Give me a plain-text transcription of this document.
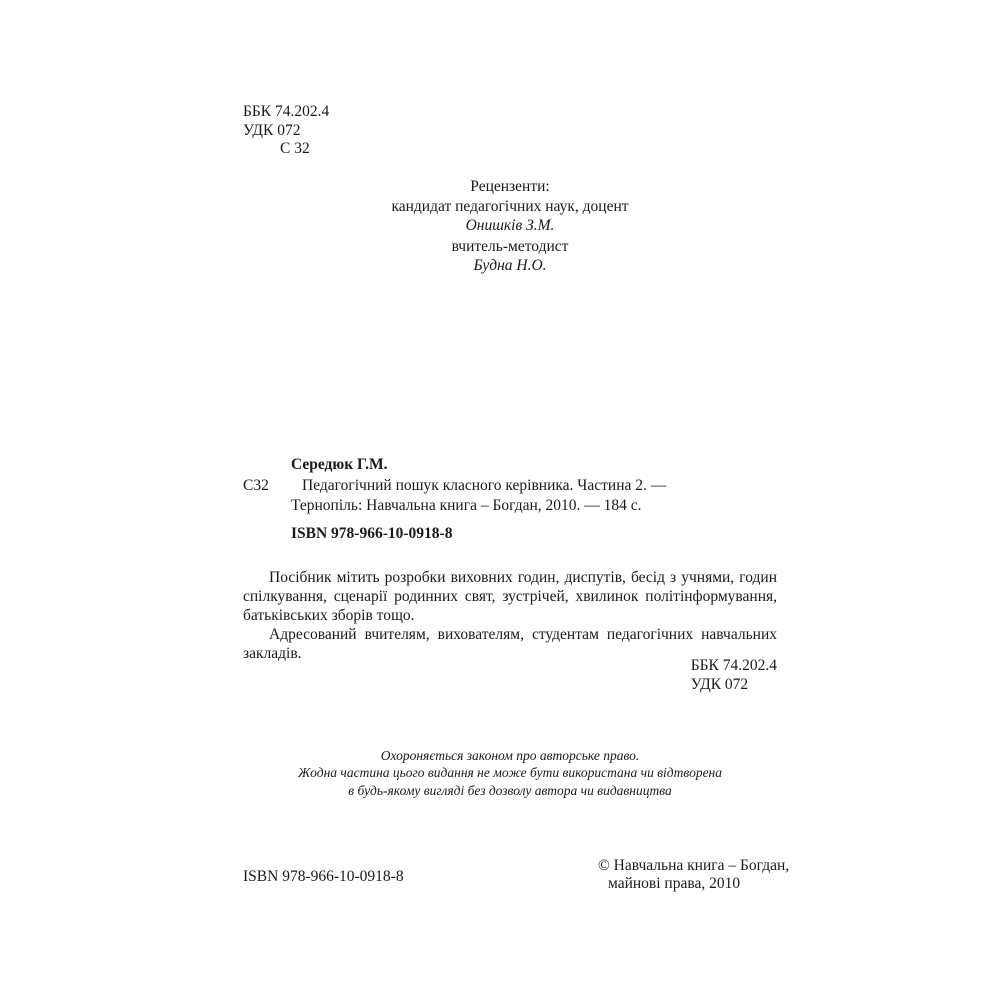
ББК 74.202.4
УДК 072
С 32
Рецензенти:
кандидат педагогічних наук, доцент
Онишків З.М.
вчитель-методист
Будна Н.О.
Середюк Г.М.
С32 Педагогічний пошук класного керівника. Частина 2. —
Тернопіль: Навчальна книга – Богдан, 2010. — 184 с.
ISBN 978-966-10-0918-8

Посібник мітить розробки виховних годин, диспутів, бесід з учнями, годин спілкування, сценарії родинних свят, зустрічей, хвилинок політінформування, батьківських зборів тощо.

Адресований вчителям, вихователям, студентам педагогічних навчальних закладів.

ББК 74.202.4
УДК 072
Охороняється законом про авторське право.
Жодна частина цього видання не може бути використана чи відтворена
в будь-якому вигляді без дозволу автора чи видавництва
ISBN 978-966-10-0918-8
© Навчальна книга – Богдан,
майнові права, 2010
